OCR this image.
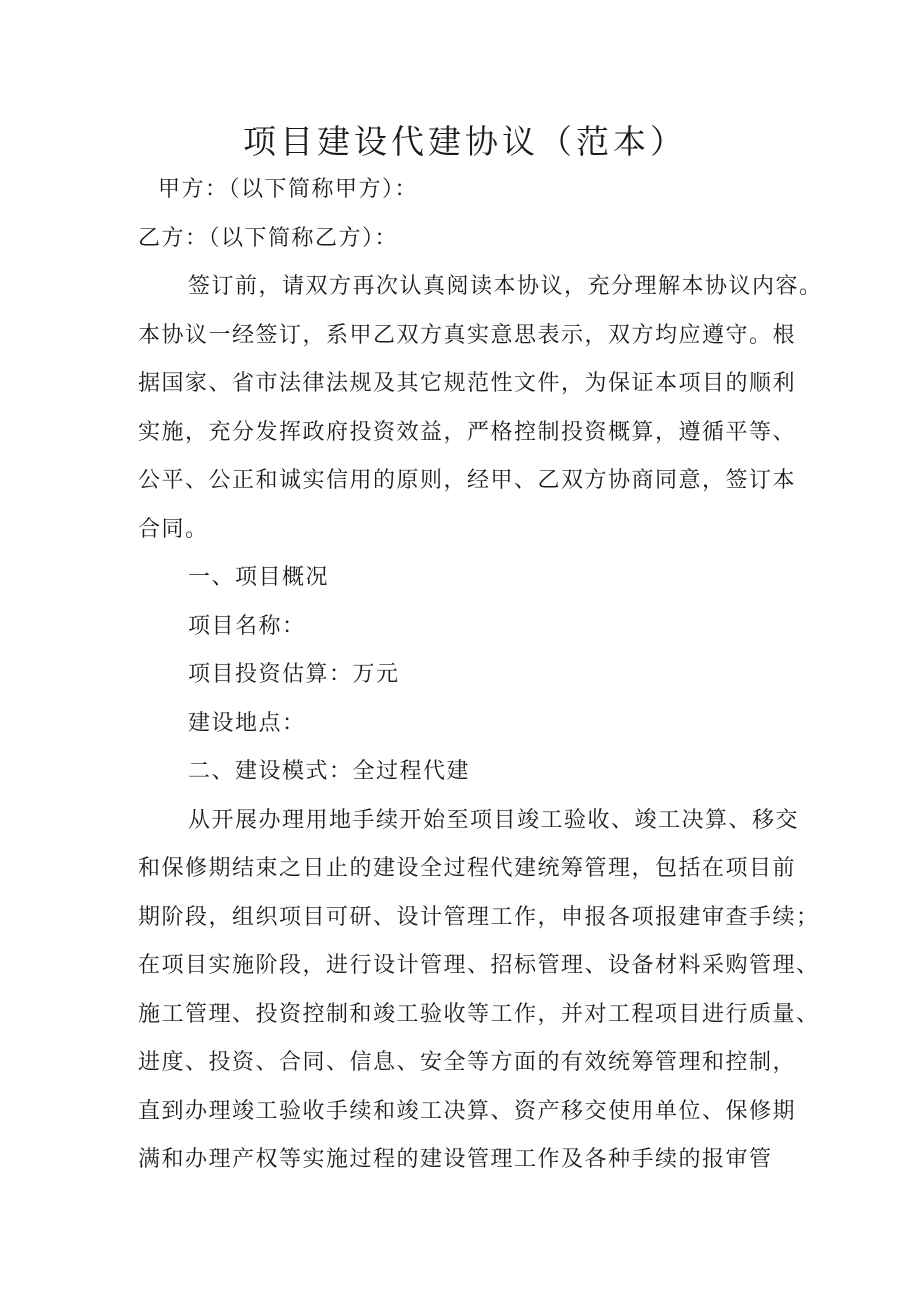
项目建设代建协议（范本）

甲方：（以下简称甲方）：

乙方：（以下简称乙方）：

签订前，请双方再次认真阅读本协议，充分理解本协议内容。
本协议一经签订，系甲乙双方真实意思表示，双方均应遵守。根
据国家、省市法律法规及其它规范性文件，为保证本项目的顺利
实施，充分发挥政府投资效益，严格控制投资概算，遵循平等、
公平、公正和诚实信用的原则，经甲、乙双方协商同意，签订本
合同。

一、项目概况

项目名称：

项目投资估算：万元

建设地点：

二、建设模式：全过程代建

从开展办理用地手续开始至项目竣工验收、竣工决算、移交
和保修期结束之日止的建设全过程代建统筹管理，包括在项目前
期阶段，组织项目可研、设计管理工作，申报各项报建审查手续；
在项目实施阶段，进行设计管理、招标管理、设备材料采购管理、
施工管理、投资控制和竣工验收等工作，并对工程项目进行质量、
进度、投资、合同、信息、安全等方面的有效统筹管理和控制，
直到办理竣工验收手续和竣工决算、资产移交使用单位、保修期
满和办理产权等实施过程的建设管理工作及各种手续的报审管
